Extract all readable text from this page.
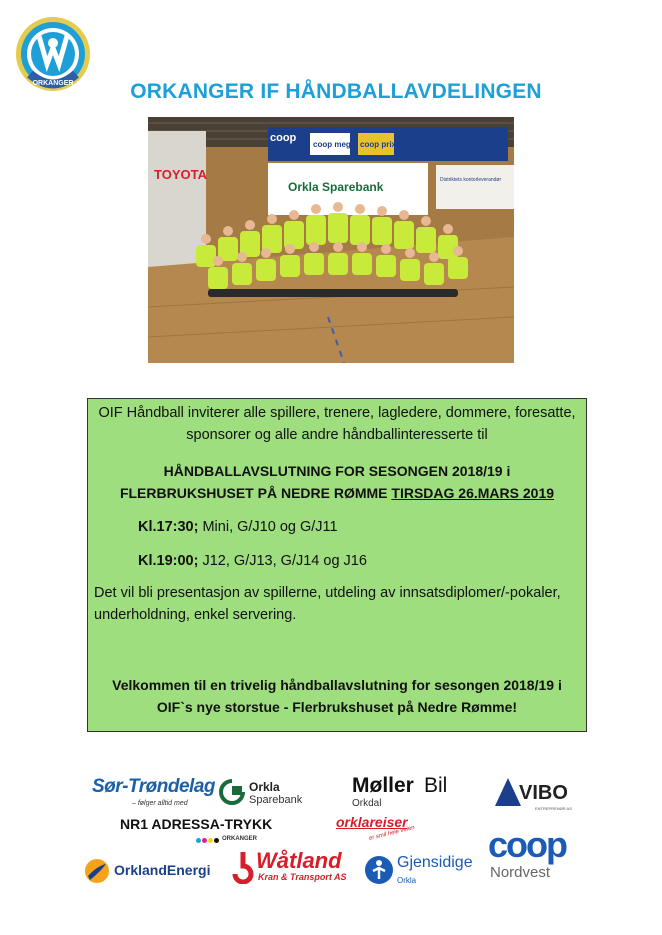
ORKANGER	ORKANGER IF HÅNDBALLAVDELINGEN
TOYOTA
coop mega coop prix
coop
Orkla Sparebank	Distriktets kontorleverandør

OIF Håndball inviterer alle spillere, trenere, lagledere, dommere, foresatte, sponsorer og alle andre håndballinteresserte til

HÅNDBALLAVSLUTNING FOR SESONGEN 2018/19 i
FLERBRUKSHUSET PÅ NEDRE RØMME TIRSDAG 26.MARS 2019

Kl.17:30; Mini, G/J10 og G/J11

Kl.19:00; J12, G/J13, G/J14 og J16

Det vil bli presentasjon av spillerne, utdeling av innsatsdiplomer/-pokaler, underholdning, enkel servering.

Velkommen til en trivelig håndballavslutning for sesongen 2018/19 i OIF`s nye storstue - Flerbrukshuset på Nedre Rømme!

Sør-Trøndelag
– følger alltid med
Orkla
Sparebank
Møller Bil
Orkdal	VIBO
ENTREPRENØR AS
NR1 ADRESSA-TRYKK
ORKANGER
orklareiser
er smil hele veien coop
Nordvest
OrklandEnergi Wåtland
Kran & Transport AS
Gjensidige
Orkla
